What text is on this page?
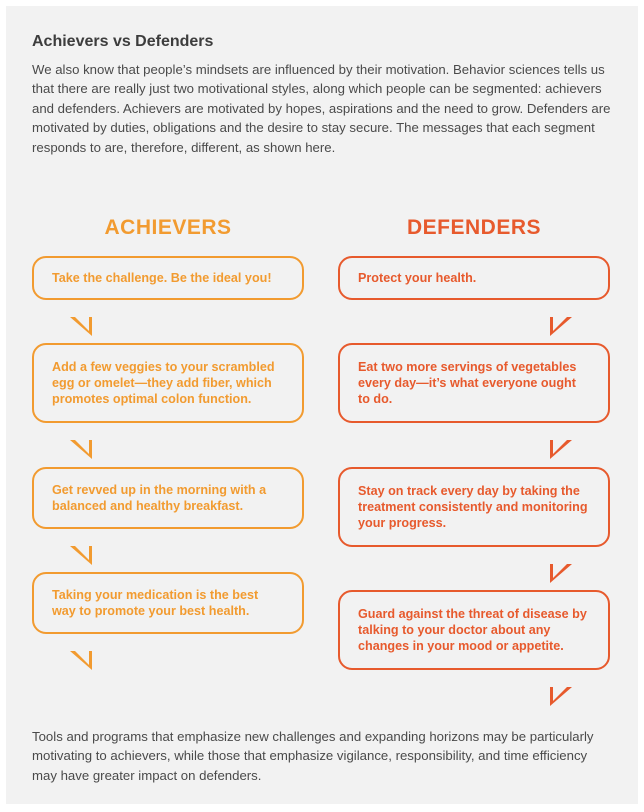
Achievers vs Defenders
We also know that people’s mindsets are influenced by their motivation. Behavior sciences tells us that there are really just two motivational styles, along which people can be segmented: achievers and defenders. Achievers are motivated by hopes, aspirations and the need to grow. Defenders are motivated by duties, obligations and the desire to stay secure. The messages that each segment responds to are, therefore, different, as shown here.
ACHIEVERS	DEFENDERS
Take the challenge. Be the ideal you!
Add a few veggies to your scrambled egg or omelet—they add fiber, which promotes optimal colon function.
Get revved up in the morning with a balanced and healthy breakfast.
Taking your medication is the best way to promote your best health.
Protect your health.
Eat two more servings of vegetables every day—it’s what everyone ought to do.
Stay on track every day by taking the treatment consistently and monitoring your progress.
Guard against the threat of disease by talking to your doctor about any changes in your mood or appetite.
Tools and programs that emphasize new challenges and expanding horizons may be particularly motivating to achievers, while those that emphasize vigilance, responsibility, and time efficiency may have greater impact on defenders.
